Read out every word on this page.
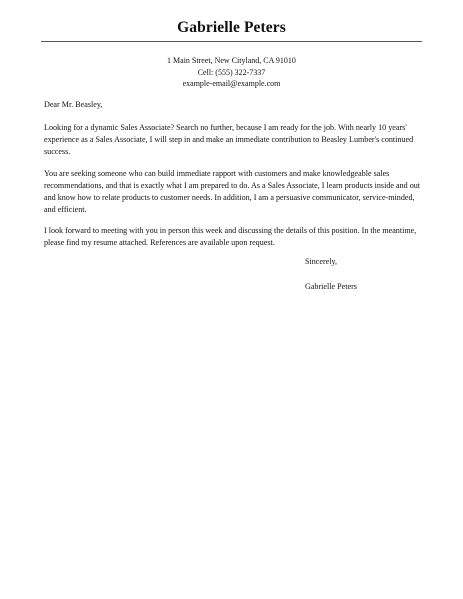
Gabrielle Peters
1 Main Street, New Cityland, CA 91010
Cell: (555) 322-7337
example-email@example.com

Dear Mr. Beasley,

Looking for a dynamic Sales Associate? Search no further, because I am ready for the job. With nearly 10 years' experience as a Sales Associate, I will step in and make an immediate contribution to Beasley Lumber's continued success.

You are seeking someone who can build immediate rapport with customers and make knowledgeable sales recommendations, and that is exactly what I am prepared to do. As a Sales Associate, I learn products inside and out and know how to relate products to customer needs. In addition, I am a persuasive communicator, service-minded, and efficient.

I look forward to meeting with you in person this week and discussing the details of this position. In the meantime, please find my resume attached. References are available upon request.

Sincerely,
Gabrielle Peters
